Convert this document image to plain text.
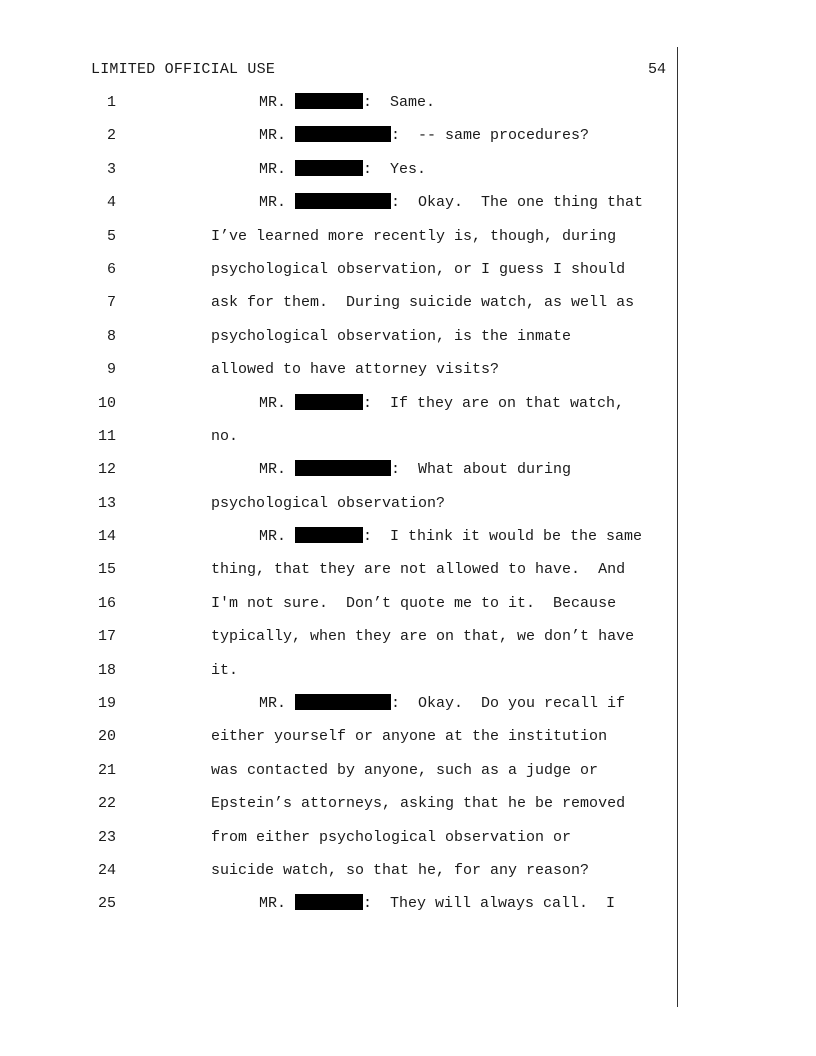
LIMITED OFFICIAL USE	54
1	MR.	:  Same.
2	MR.	:  -- same procedures?
3	MR.	:  Yes.
4	MR.	:  Okay.  The one thing that
5	I’ve learned more recently is, though, during
6	psychological observation, or I guess I should
7	ask for them.  During suicide watch, as well as
8	psychological observation, is the inmate
9	allowed to have attorney visits?
10	MR.	:  If they are on that watch,
11	no.
12	MR.	:  What about during
13	psychological observation?
14	MR.	:  I think it would be the same
15	thing, that they are not allowed to have.  And
16	I'm not sure.  Don’t quote me to it.  Because
17	typically, when they are on that, we don’t have
18	it.
19	MR.	:  Okay.  Do you recall if
20	either yourself or anyone at the institution
21	was contacted by anyone, such as a judge or
22	Epstein’s attorneys, asking that he be removed
23	from either psychological observation or
24	suicide watch, so that he, for any reason?
25	MR.	:  They will always call.  I
